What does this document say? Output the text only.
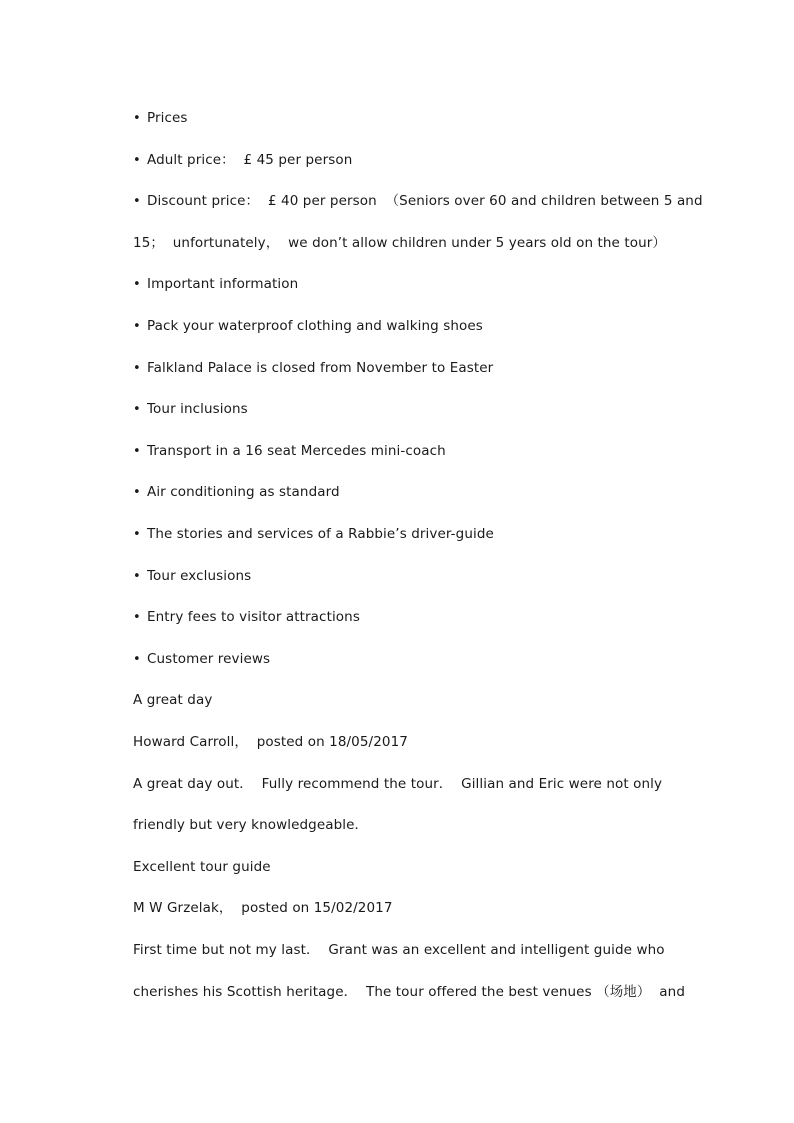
• Prices
• Adult price：  £ 45 per person
• Discount price：  £ 40 per person  （Seniors over 60 and children between 5 and
15；  unfortunately，  we don’t allow children under 5 years old on the tour）
• Important information
• Pack your waterproof clothing and walking shoes
• Falkland Palace is closed from November to Easter
• Tour inclusions
• Transport in a 16 seat Mercedes mini-coach
• Air conditioning as standard
• The stories and services of a Rabbie’s driver-guide
• Tour exclusions
• Entry fees to visitor attractions
• Customer reviews
A great day
Howard Carroll，  posted on 18/05/2017
A great day out．  Fully recommend the tour．  Gillian and Eric were not only
friendly but very knowledgeable．
Excellent tour guide
M W Grzelak，  posted on 15/02/2017
First time but not my last．  Grant was an excellent and intelligent guide who
cherishes his Scottish heritage．  The tour offered the best venues （场地）  and
